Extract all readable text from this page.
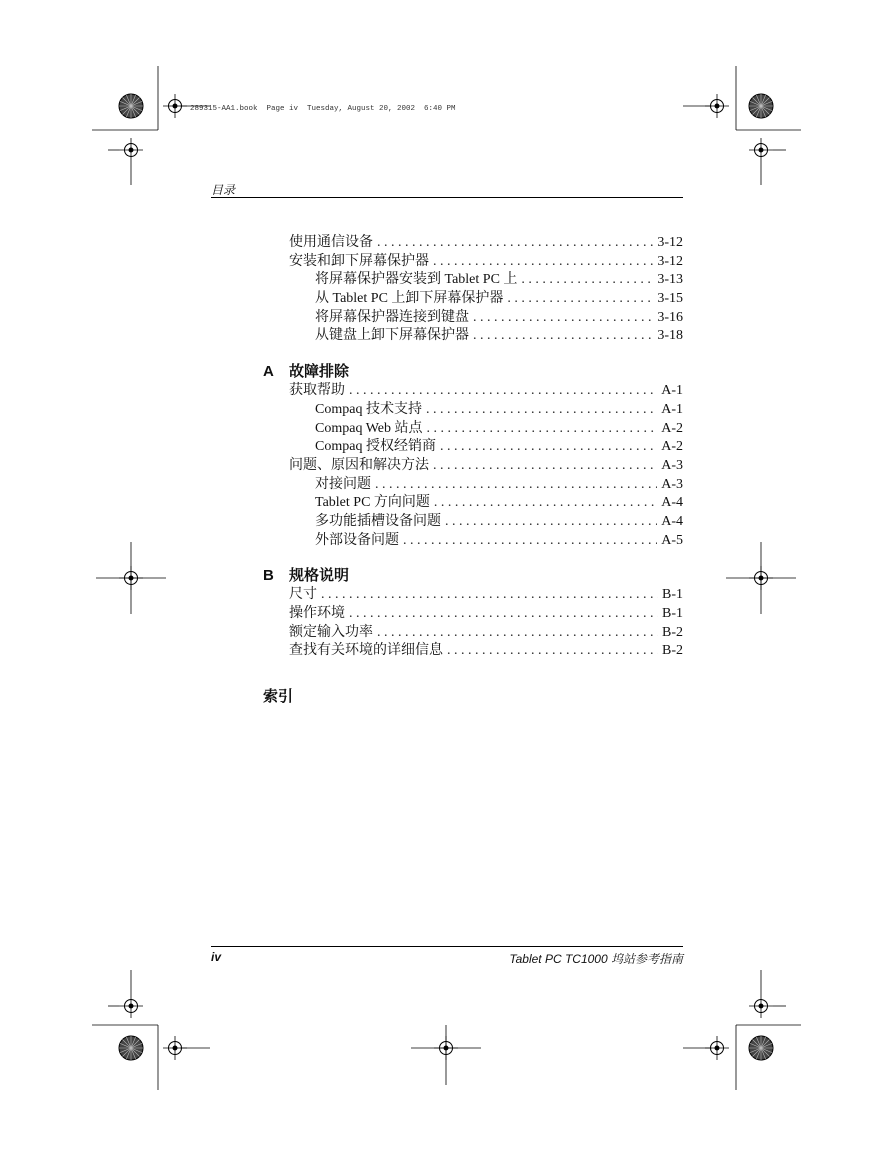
289315-AA1.book  Page iv  Tuesday, August 20, 2002  6:40 PM
目录
使用通信设备 . . .	3-12
安装和卸下屏幕保护器 . . .	3-12
将屏幕保护器安装到 Tablet PC 上 . . .	3-13
从 Tablet PC 上卸下屏幕保护器 . . .	3-15
将屏幕保护器连接到键盘 . . .	3-16
从键盘上卸下屏幕保护器 . . .	3-18
A	故障排除
获取帮助 . . .	A-1
Compaq 技术支持 . . .	A-1
Compaq Web 站点 . . .	A-2
Compaq 授权经销商 . . .	A-2
问题、原因和解决方法 . . .	A-3
对接问题 . . .	A-3
Tablet PC 方向问题 . . .	A-4
多功能插槽设备问题 . . .	A-4
外部设备问题 . . .	A-5
B	规格说明
尺寸 . . .	B-1
操作环境 . . .	B-1
额定输入功率 . . .	B-2
查找有关环境的详细信息 . . .	B-2
索引
iv	Tablet PC TC1000 坞站参考指南
